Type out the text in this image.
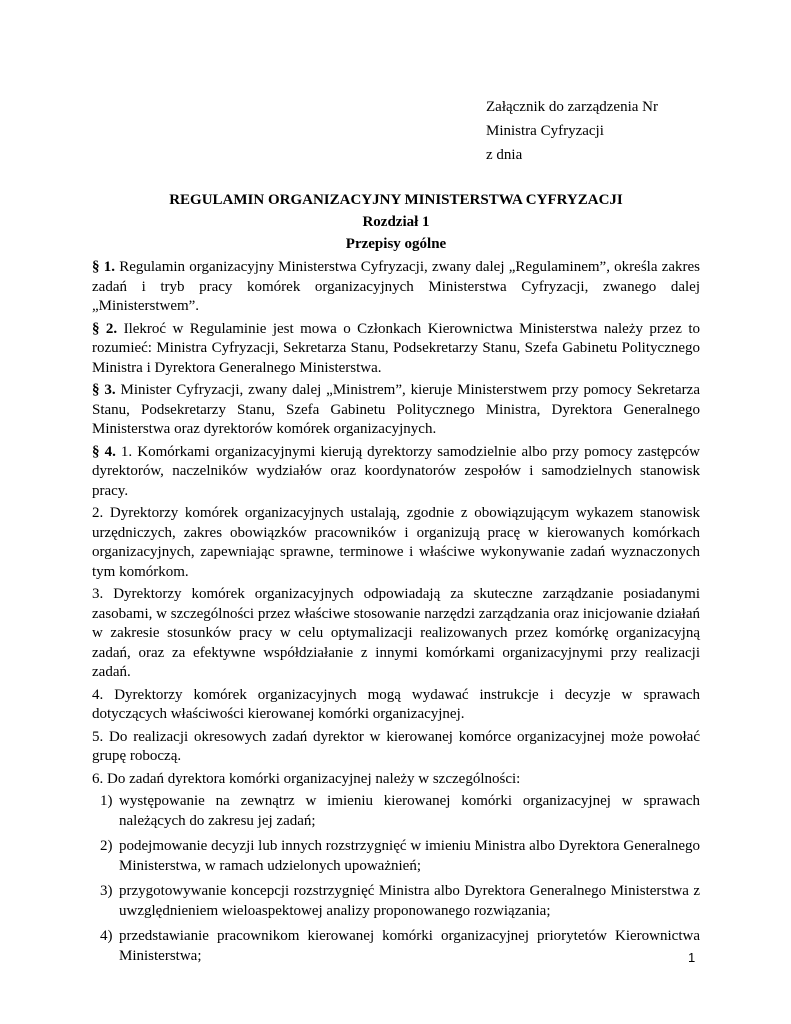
Załącznik do zarządzenia Nr
Ministra Cyfryzacji
z dnia
REGULAMIN ORGANIZACYJNY MINISTERSTWA CYFRYZACJI
Rozdział 1
Przepisy ogólne

§ 1. Regulamin organizacyjny Ministerstwa Cyfryzacji, zwany dalej „Regulaminem”, określa zakres zadań i tryb pracy komórek organizacyjnych Ministerstwa Cyfryzacji, zwanego dalej „Ministerstwem”.

§ 2. Ilekroć w Regulaminie jest mowa o Członkach Kierownictwa Ministerstwa należy przez to rozumieć: Ministra Cyfryzacji, Sekretarza Stanu, Podsekretarzy Stanu, Szefa Gabinetu Politycznego Ministra i Dyrektora Generalnego Ministerstwa.

§ 3. Minister Cyfryzacji, zwany dalej „Ministrem”, kieruje Ministerstwem przy pomocy Sekretarza Stanu, Podsekretarzy Stanu, Szefa Gabinetu Politycznego Ministra, Dyrektora Generalnego Ministerstwa oraz dyrektorów komórek organizacyjnych.

§ 4. 1. Komórkami organizacyjnymi kierują dyrektorzy samodzielnie albo przy pomocy zastępców dyrektorów, naczelników wydziałów oraz koordynatorów zespołów i samodzielnych stanowisk pracy.

2. Dyrektorzy komórek organizacyjnych ustalają, zgodnie z obowiązującym wykazem stanowisk urzędniczych, zakres obowiązków pracowników i organizują pracę w kierowanych komórkach organizacyjnych, zapewniając sprawne, terminowe i właściwe wykonywanie zadań wyznaczonych tym komórkom.

3. Dyrektorzy komórek organizacyjnych odpowiadają za skuteczne zarządzanie posiadanymi zasobami, w szczególności przez właściwe stosowanie narzędzi zarządzania oraz inicjowanie działań w zakresie stosunków pracy w celu optymalizacji realizowanych przez komórkę organizacyjną zadań, oraz za efektywne współdziałanie z innymi komórkami organizacyjnymi przy realizacji zadań.

4. Dyrektorzy komórek organizacyjnych mogą wydawać instrukcje i decyzje w sprawach dotyczących właściwości kierowanej komórki organizacyjnej.

5. Do realizacji okresowych zadań dyrektor w kierowanej komórce organizacyjnej może powołać grupę roboczą.

6. Do zadań dyrektora komórki organizacyjnej należy w szczególności:

1) występowanie na zewnątrz w imieniu kierowanej komórki organizacyjnej w sprawach należących do zakresu jej zadań;
2) podejmowanie decyzji lub innych rozstrzygnięć w imieniu Ministra albo Dyrektora Generalnego Ministerstwa, w ramach udzielonych upoważnień;
3) przygotowywanie koncepcji rozstrzygnięć Ministra albo Dyrektora Generalnego Ministerstwa z uwzględnieniem wieloaspektowej analizy proponowanego rozwiązania;
4) przedstawianie pracownikom kierowanej komórki organizacyjnej priorytetów Kierownictwa Ministerstwa;	1
